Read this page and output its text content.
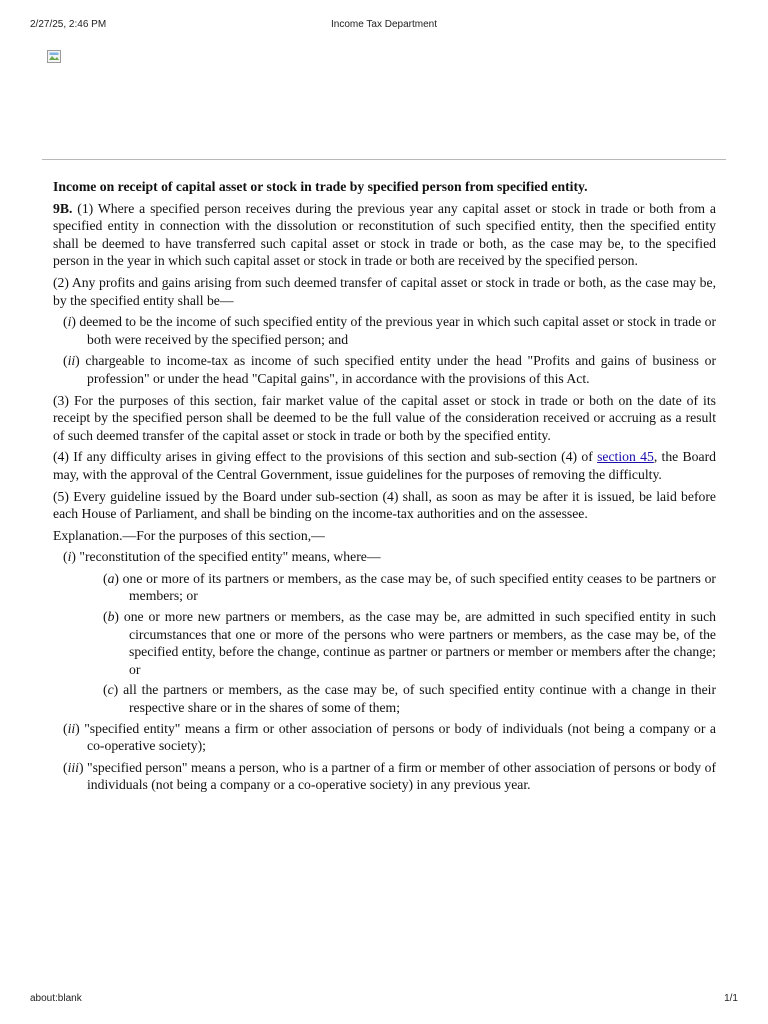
2/27/25, 2:46 PM	Income Tax Department
Income on receipt of capital asset or stock in trade by specified person from specified entity.

9B. (1) Where a specified person receives during the previous year any capital asset or stock in trade or both from a specified entity in connection with the dissolution or reconstitution of such specified entity, then the specified entity shall be deemed to have transferred such capital asset or stock in trade or both, as the case may be, to the specified person in the year in which such capital asset or stock in trade or both are received by the specified person.

(2) Any profits and gains arising from such deemed transfer of capital asset or stock in trade or both, as the case may be, by the specified entity shall be—

(i) deemed to be the income of such specified entity of the previous year in which such capital asset or stock in trade or both were received by the specified person; and
(ii) chargeable to income-tax as income of such specified entity under the head "Profits and gains of business or profession" or under the head "Capital gains", in accordance with the provisions of this Act.

(3) For the purposes of this section, fair market value of the capital asset or stock in trade or both on the date of its receipt by the specified person shall be deemed to be the full value of the consideration received or accruing as a result of such deemed transfer of the capital asset or stock in trade or both by the specified entity.

(4) If any difficulty arises in giving effect to the provisions of this section and sub-section (4) of section 45, the Board may, with the approval of the Central Government, issue guidelines for the purposes of removing the difficulty.

(5) Every guideline issued by the Board under sub-section (4) shall, as soon as may be after it is issued, be laid before each House of Parliament, and shall be binding on the income-tax authorities and on the assessee.

Explanation.—For the purposes of this section,—
(i) "reconstitution of the specified entity" means, where—
(a) one or more of its partners or members, as the case may be, of such specified entity ceases to be partners or members; or
(b) one or more new partners or members, as the case may be, are admitted in such specified entity in such circumstances that one or more of the persons who were partners or members, as the case may be, of the specified entity, before the change, continue as partner or partners or member or members after the change; or
(c) all the partners or members, as the case may be, of such specified entity continue with a change in their respective share or in the shares of some of them;
(ii) "specified entity" means a firm or other association of persons or body of individuals (not being a company or a co-operative society);
(iii) "specified person" means a person, who is a partner of a firm or member of other association of persons or body of individuals (not being a company or a co-operative society) in any previous year.
about:blank	1/1
